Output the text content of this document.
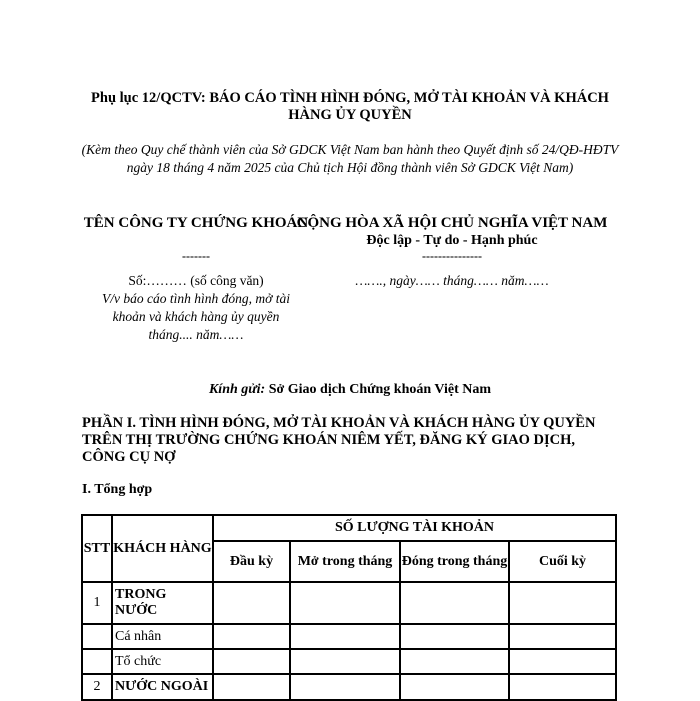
Phụ lục 12/QCTV: BÁO CÁO TÌNH HÌNH ĐÓNG, MỞ TÀI KHOẢN VÀ KHÁCH HÀNG ỦY QUYỀN
(Kèm theo Quy chế thành viên của Sở GDCK Việt Nam ban hành theo Quyết định số 24/QĐ-HĐTV ngày 18 tháng 4 năm 2025 của Chủ tịch Hội đồng thành viên Sở GDCK Việt Nam)
TÊN CÔNG TY CHỨNG KHOÁN
-------
Số:……… (số công văn)
V/v báo cáo tình hình đóng, mở tài khoản và khách hàng ủy quyền tháng.... năm……
CỘNG HÒA XÃ HỘI CHỦ NGHĨA VIỆT NAM
Độc lập - Tự do - Hạnh phúc
---------------
……., ngày…… tháng…… năm……
Kính gửi: Sở Giao dịch Chứng khoán Việt Nam
PHẦN I. TÌNH HÌNH ĐÓNG, MỞ TÀI KHOẢN VÀ KHÁCH HÀNG ỦY QUYỀN TRÊN THỊ TRƯỜNG CHỨNG KHOÁN NIÊM YẾT, ĐĂNG KÝ GIAO DỊCH, CÔNG CỤ NỢ
I. Tổng hợp
STT	KHÁCH HÀNG	SỐ LƯỢNG TÀI KHOẢN			
		Đầu kỳ	Mở trong tháng	Đóng trong tháng	Cuối kỳ
1	TRONG NƯỚC				
	Cá nhân				
	Tổ chức				
2	NƯỚC NGOÀI				
